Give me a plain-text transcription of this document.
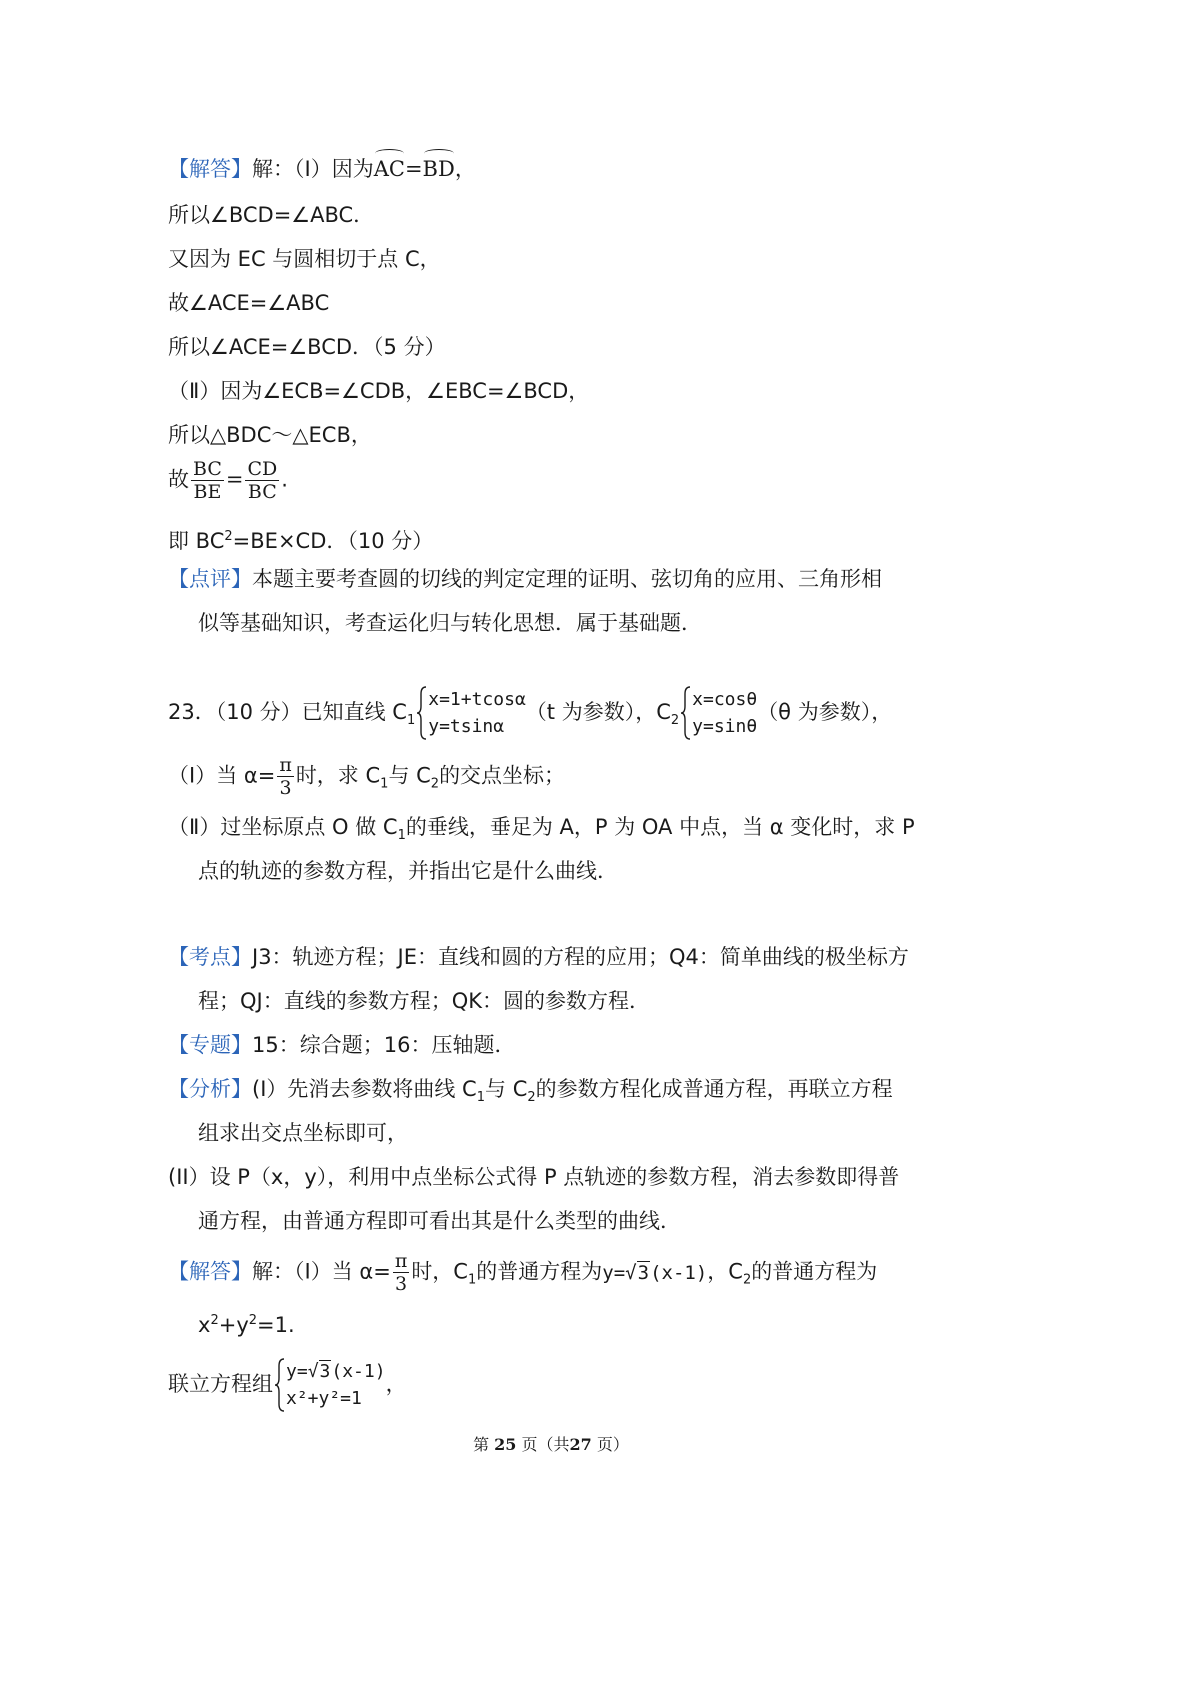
【解答】解：（Ⅰ）因为AC=BD，
所以∠BCD=∠ABC．
又因为 EC 与圆相切于点 C，
故∠ACE=∠ABC
所以∠ACE=∠BCD．（5 分）
（Ⅱ）因为∠ECB=∠CDB，∠EBC=∠BCD，
所以△BDC～△ECB，
故 $\frac{BC}{BE} = \frac{CD}{BC}$ .
即 $BC^2=BE\times CD$．（10 分）
【点评】本题主要考查圆的切线的判定定理的证明、弦切角的应用、三角形相
似等基础知识，考查运化归与转化思想．属于基础题．
23．（10 分）已知直线 $C_1$
x=1+tcosα
y=tsinα
（t 为参数），$C_2$
x=cosθ
y=sinθ
（θ 为参数），
（Ⅰ）当 $\alpha= \frac{\pi}{3}$ 时，求 $C_1$与 $C_2$的交点坐标；
（Ⅱ）过坐标原点 O 做 $C_1$的垂线，垂足为 A，P 为 OA 中点，当 α 变化时，求 P
点的轨迹的参数方程，并指出它是什么曲线．
【考点】J3：轨迹方程；JE：直线和圆的方程的应用；Q4：简单曲线的极坐标方
程；QJ：直线的参数方程；QK：圆的参数方程．
【专题】15：综合题；16：压轴题．
【分析】(I）先消去参数将曲线 $C_1$与 $C_2$的参数方程化成普通方程，再联立方程
组求出交点坐标即可，
(II）设 P（x，y），利用中点坐标公式得 P 点轨迹的参数方程，消去参数即得普
通方程，由普通方程即可看出其是什么类型的曲线．
【解答】解：（Ⅰ）当 $\alpha= \frac{\pi}{3}$ 时，$C_1$的普通方程为y=√3(x-1)，$C_2$的普通方程为
$x^2+y^2=1$.
联立方程组
y=√3(x-1)
x²+y²=1
，
第 25 页（共27 页）
